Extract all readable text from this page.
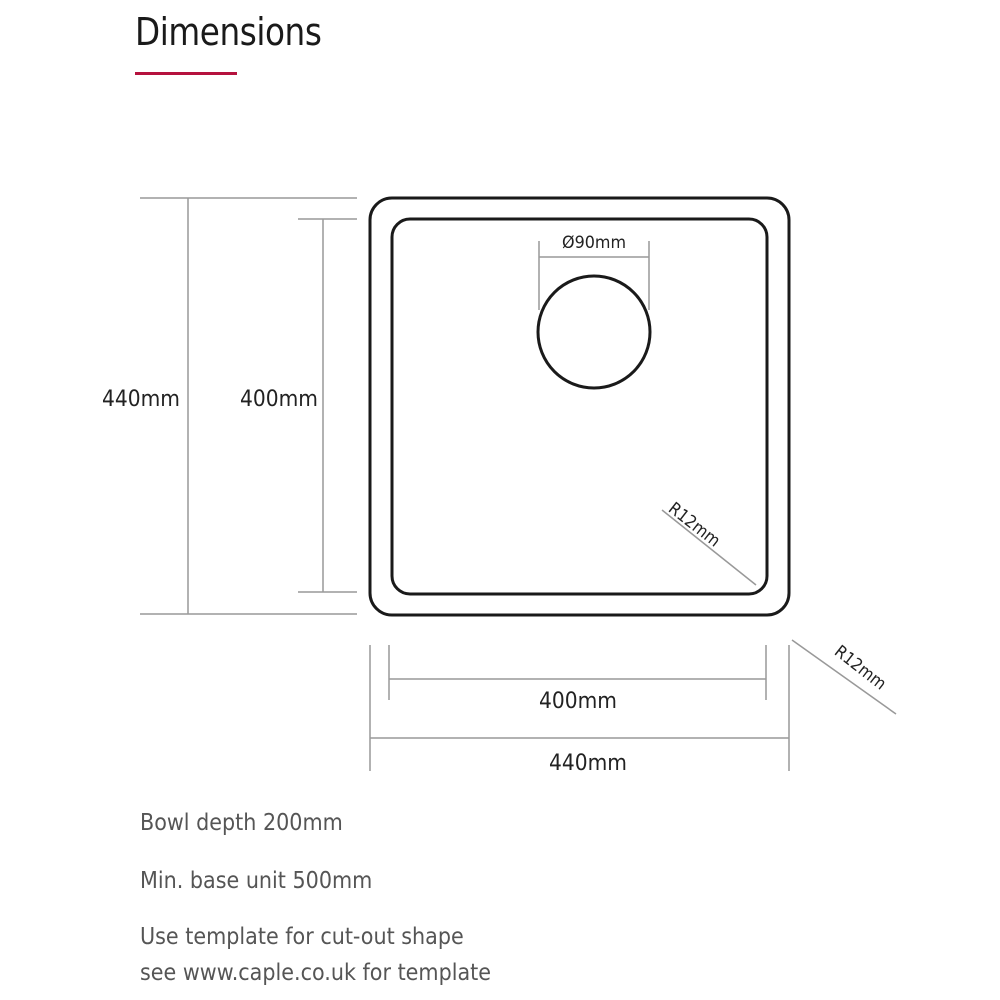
Dimensions
440mm	400mm
Ø90mm
R12mm
R12mm
400mm
440mm
Bowl depth 200mm
Min. base unit 500mm
Use template for cut-out shape
see www.caple.co.uk for template
